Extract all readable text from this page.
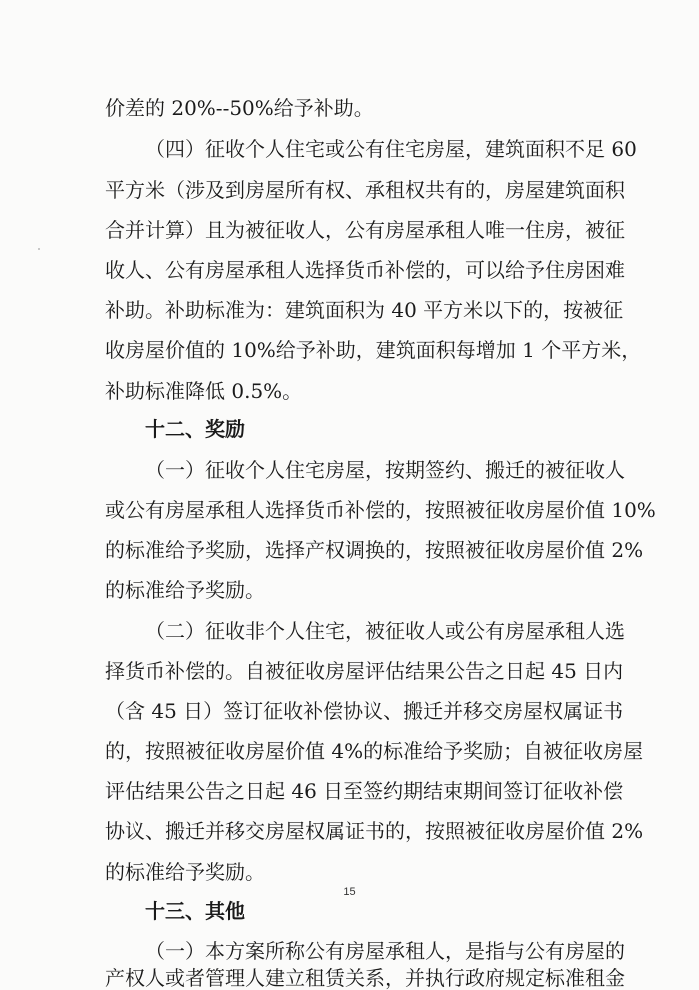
价差的 20%--50%给予补助。

（四）征收个人住宅或公有住宅房屋，建筑面积不足 60

平方米（涉及到房屋所有权、承租权共有的，房屋建筑面积

合并计算）且为被征收人，公有房屋承租人唯一住房，被征

收人、公有房屋承租人选择货币补偿的，可以给予住房困难

补助。补助标准为：建筑面积为 40 平方米以下的，按被征

收房屋价值的 10%给予补助，建筑面积每增加 1 个平方米，

补助标准降低 0.5%。

十二、奖励

（一）征收个人住宅房屋，按期签约、搬迁的被征收人

或公有房屋承租人选择货币补偿的，按照被征收房屋价值 10%

的标准给予奖励，选择产权调换的，按照被征收房屋价值 2%

的标准给予奖励。

（二）征收非个人住宅，被征收人或公有房屋承租人选

择货币补偿的。自被征收房屋评估结果公告之日起 45 日内

（含 45 日）签订征收补偿协议、搬迁并移交房屋权属证书

的，按照被征收房屋价值 4%的标准给予奖励；自被征收房屋

评估结果公告之日起 46 日至签约期结束期间签订征收补偿

协议、搬迁并移交房屋权属证书的，按照被征收房屋价值 2%

的标准给予奖励。

十三、其他

（一）本方案所称公有房屋承租人，是指与公有房屋的

产权人或者管理人建立租赁关系，并执行政府规定标准租金

15
